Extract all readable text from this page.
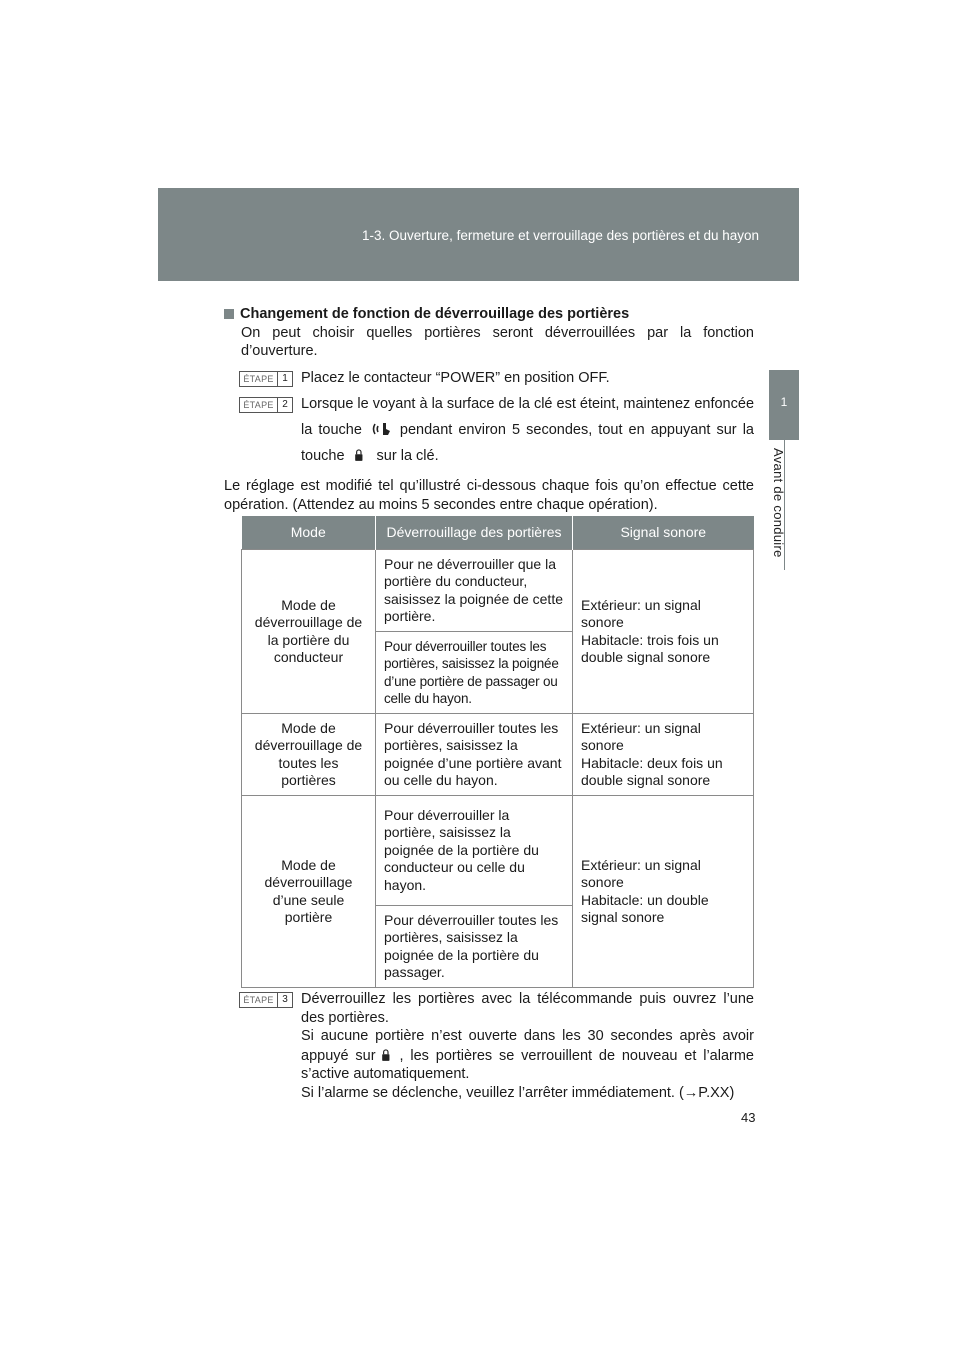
1-3. Ouverture, fermeture et verrouillage des portières et du hayon
1
Avant de conduire
Changement de fonction de déverrouillage des portières
On peut choisir quelles portières seront déverrouillées par la fonction d’ouverture.
ÉTAPE 1 Placez le contacteur “POWER” en position OFF.
ÉTAPE 2 Lorsque le voyant à la surface de la clé est éteint, maintenez enfoncée la touche	pendant environ 5 secondes, tout en appuyant sur la touche sur la clé.
Le réglage est modifié tel qu’illustré ci-dessous chaque fois qu’on effectue cette opération. (Attendez au moins 5 secondes entre chaque opération).
Mode	Déverrouillage des portières	Signal sonore
Mode de déverrouillage de la portière du conducteur	Pour ne déverrouiller que la portière du conducteur, saisissez la poignée de cette portière.	Extérieur: un signal sonore
Habitacle: trois fois un double signal sonore
	Pour déverrouiller toutes les portières, saisissez la poignée d’une portière de passager ou celle du hayon.	
Mode de déverrouillage de toutes les portières	Pour déverrouiller toutes les portières, saisissez la poignée d’une portière avant ou celle du hayon.	Extérieur: un signal sonore
Habitacle: deux fois un double signal sonore
Mode de déverrouillage d’une seule portière	Pour déverrouiller la portière, saisissez la poignée de la portière du conducteur ou celle du hayon.	Extérieur: un signal sonore
Habitacle: un double signal sonore
	Pour déverrouiller toutes les portières, saisissez la poignée de la portière du passager.	
ÉTAPE 3 Déverrouillez les portières avec la télécommande puis ouvrez l’une des portières.
Si aucune portière n’est ouverte dans les 30 secondes après avoir appuyé sur , les portières se verrouillent de nouveau et l’alarme s’active automatiquement.
Si l’alarme se déclenche, veuillez l’arrêter immédiatement. (→P.XX)
43
